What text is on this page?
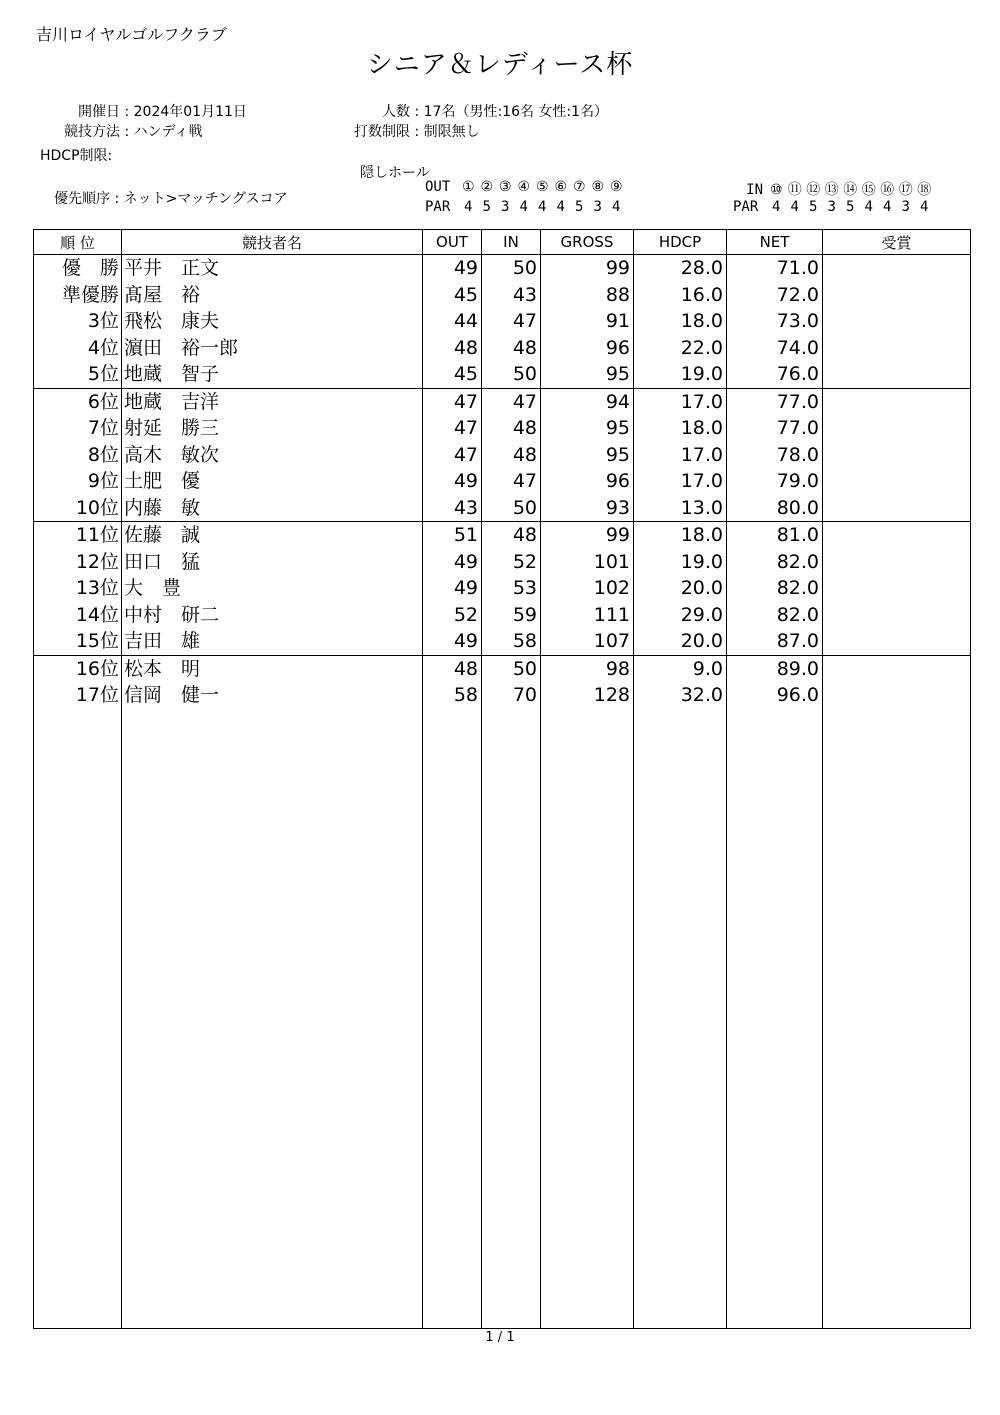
吉川ロイヤルゴルフクラブ
シニア＆レディース杯
開催日 : 2024年01月11日
競技方法 : ハンディ戦
HDCP制限:
優先順序 : ネット>マッチングスコア
人数 : 17名（男性:16名 女性:1名）
打数制限 : 制限無し
隠しホール
OUT ① ② ③ ④ ⑤ ⑥ ⑦ ⑧ ⑨
PAR 4 5 3 4 4 4 5 3 4
IN ⑩ ⑪ ⑫ ⑬ ⑭ ⑮ ⑯ ⑰ ⑱
PAR 4 4 5 3 5 4 4 3 4
順 位	競技者名	OUT	IN	GROSS	HDCP	NET	受賞
優　勝	平井　正文	49	50	99	28.0	71.0	
準優勝	髙屋　裕	45	43	88	16.0	72.0	
3位	飛松　康夫	44	47	91	18.0	73.0	
4位	濵田　裕一郎	48	48	96	22.0	74.0	
5位	地蔵　智子	45	50	95	19.0	76.0	
6位	地蔵　吉洋	47	47	94	17.0	77.0	
7位	射延　勝三	47	48	95	18.0	77.0	
8位	高木　敏次	47	48	95	17.0	78.0	
9位	土肥　優	49	47	96	17.0	79.0	
10位	内藤　敏	43	50	93	13.0	80.0	
11位	佐藤　誠	51	48	99	18.0	81.0	
12位	田口　猛	49	52	101	19.0	82.0	
13位	大　豊	49	53	102	20.0	82.0	
14位	中村　研二	52	59	111	29.0	82.0	
15位	吉田　雄	49	58	107	20.0	87.0	
16位	松本　明	48	50	98	9.0	89.0	
17位	信岡　健一	58	70	128	32.0	96.0	

1 / 1
